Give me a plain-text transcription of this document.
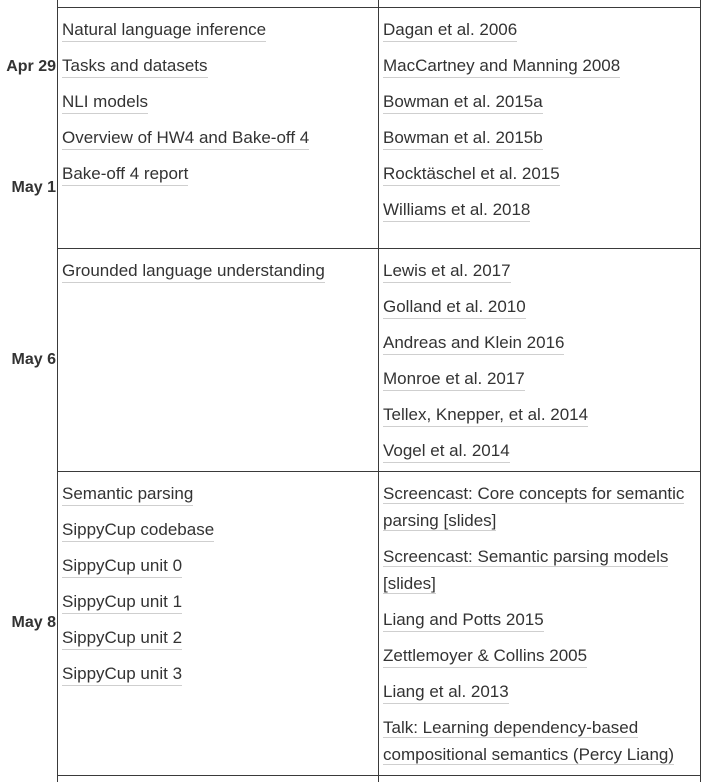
Apr 29
May 1
Natural language inference
Tasks and datasets
NLI models
Overview of HW4 and Bake-off 4
Bake-off 4 report
Dagan et al. 2006
MacCartney and Manning 2008
Bowman et al. 2015a
Bowman et al. 2015b
Rocktäschel et al. 2015
Williams et al. 2018
May 6
Grounded language understanding	Lewis et al. 2017
Golland et al. 2010
Andreas and Klein 2016
Monroe et al. 2017
Tellex, Knepper, et al. 2014
Vogel et al. 2014
May 8
Semantic parsing
SippyCup codebase
SippyCup unit 0
SippyCup unit 1
SippyCup unit 2
SippyCup unit 3
Screencast: Core concepts for semantic parsing [slides]
Screencast: Semantic parsing models [slides]
Liang and Potts 2015
Zettlemoyer & Collins 2005
Liang et al. 2013
Talk: Learning dependency-based compositional semantics (Percy Liang)
